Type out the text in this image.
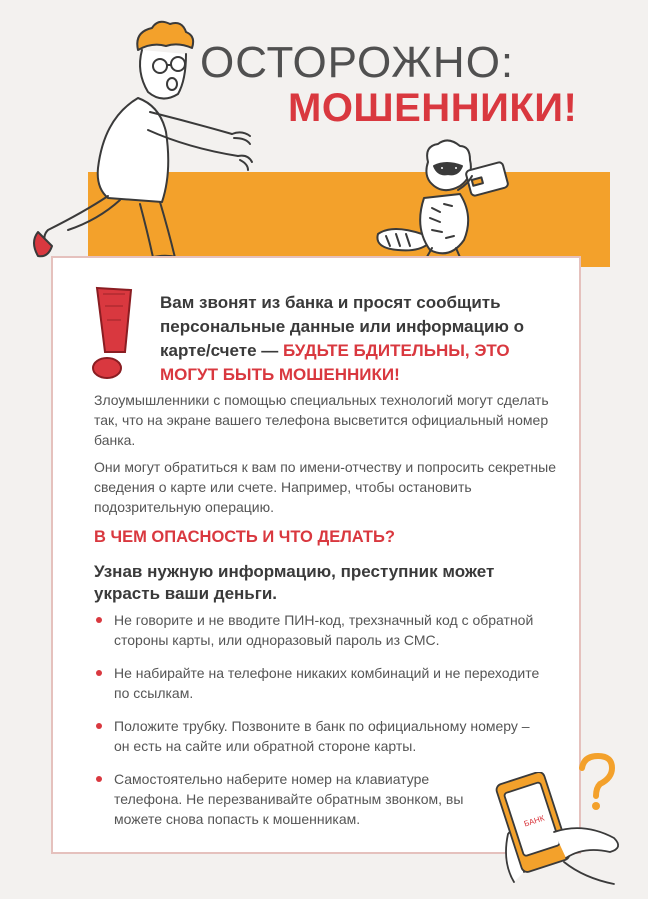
ОСТОРОЖНО:
МОШЕННИКИ!
Вам звонят из банка и просят сообщить персональные данные или информацию о карте/счете — БУДЬТЕ БДИТЕЛЬНЫ, ЭТО МОГУТ БЫТЬ МОШЕННИКИ!
Злоумышленники с помощью специальных технологий могут сделать так, что на экране вашего телефона высветится официальный номер банка.
Они могут обратиться к вам по имени-отчеству и попросить секретные сведения о карте или счете. Например, чтобы остановить подозрительную операцию.
В ЧЕМ ОПАСНОСТЬ И ЧТО ДЕЛАТЬ?
Узнав нужную информацию, преступник может украсть ваши деньги.
Не говорите и не вводите ПИН-код, трехзначный код с обратной стороны карты, или одноразовый пароль из СМС.
Не набирайте на телефоне никаких комбинаций и не переходите по ссылкам.
Положите трубку. Позвоните в банк по официальному номеру – он есть на сайте или обратной стороне карты.
Самостоятельно наберите номер на клавиатуре телефона. Не перезванивайте обратным звонком, вы можете снова попасть к мошенникам.	БАНК
